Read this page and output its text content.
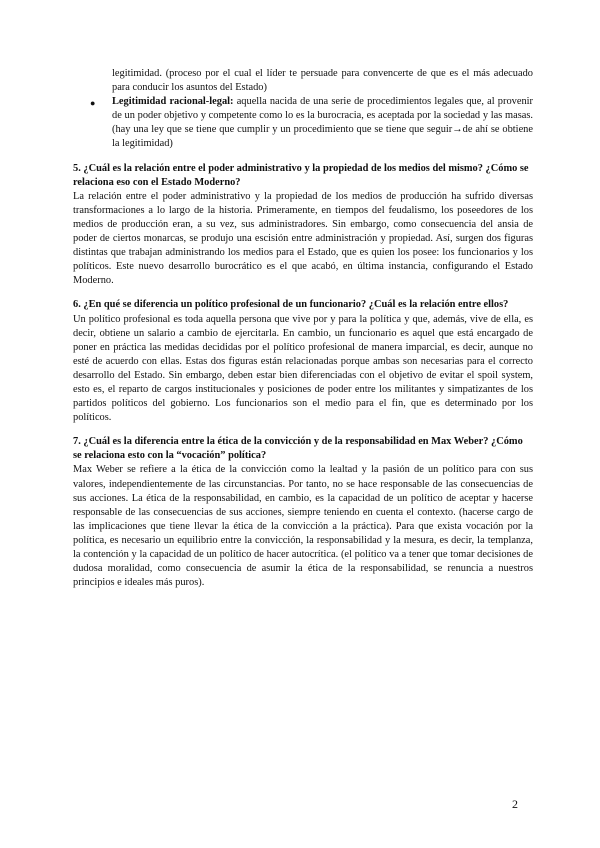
legitimidad. (proceso por el cual el líder te persuade para convencerte de que es el más adecuado para conducir los asuntos del Estado)

● Legitimidad racional-legal: aquella nacida de una serie de procedimientos legales que, al provenir de un poder objetivo y competente como lo es la burocracia, es aceptada por la sociedad y las masas. (hay una ley que se tiene que cumplir y un procedimiento que se tiene que seguir→de ahí se obtiene la legitimidad)

5. ¿Cuál es la relación entre el poder administrativo y la propiedad de los medios del mismo? ¿Cómo se relaciona eso con el Estado Moderno?

La relación entre el poder administrativo y la propiedad de los medios de producción ha sufrido diversas transformaciones a lo largo de la historia. Primeramente, en tiempos del feudalismo, los poseedores de los medios de producción eran, a su vez, sus administradores. Sin embargo, como consecuencia del ansia de poder de ciertos monarcas, se produjo una escisión entre administración y propiedad. Así, surgen dos figuras distintas que trabajan administrando los medios para el Estado, que es quien los posee: los funcionarios y los políticos. Este nuevo desarrollo burocrático es el que acabó, en última instancia, configurando el Estado Moderno.

6. ¿En qué se diferencia un político profesional de un funcionario? ¿Cuál es la relación entre ellos?

Un político profesional es toda aquella persona que vive por y para la política y que, además, vive de ella, es decir, obtiene un salario a cambio de ejercitarla. En cambio, un funcionario es aquel que está encargado de poner en práctica las medidas decididas por el político profesional de manera imparcial, es decir, aunque no esté de acuerdo con ellas. Estas dos figuras están relacionadas porque ambas son necesarias para el correcto desarrollo del Estado. Sin embargo, deben estar bien diferenciadas con el objetivo de evitar el spoil system, esto es, el reparto de cargos institucionales y posiciones de poder entre los militantes y simpatizantes de los partidos políticos del gobierno. Los funcionarios son el medio para el fin, que es determinado por los políticos.

7. ¿Cuál es la diferencia entre la ética de la convicción y de la responsabilidad en Max Weber? ¿Cómo se relaciona esto con la “vocación” política?

Max Weber se refiere a la ética de la convicción como la lealtad y la pasión de un político para con sus valores, independientemente de las circunstancias. Por tanto, no se hace responsable de las consecuencias de sus acciones. La ética de la responsabilidad, en cambio, es la capacidad de un político de aceptar y hacerse responsable de las consecuencias de sus acciones, siempre teniendo en cuenta el contexto. (hacerse cargo de las implicaciones que tiene llevar la ética de la convicción a la práctica). Para que exista vocación por la política, es necesario un equilibrio entre la convicción, la responsabilidad y la mesura, es decir, la templanza, la contención y la capacidad de un político de hacer autocrítica. (el político va a tener que tomar decisiones de dudosa moralidad, como consecuencia de asumir la ética de la responsabilidad, se renuncia a nuestros principios e ideales más puros).

2
